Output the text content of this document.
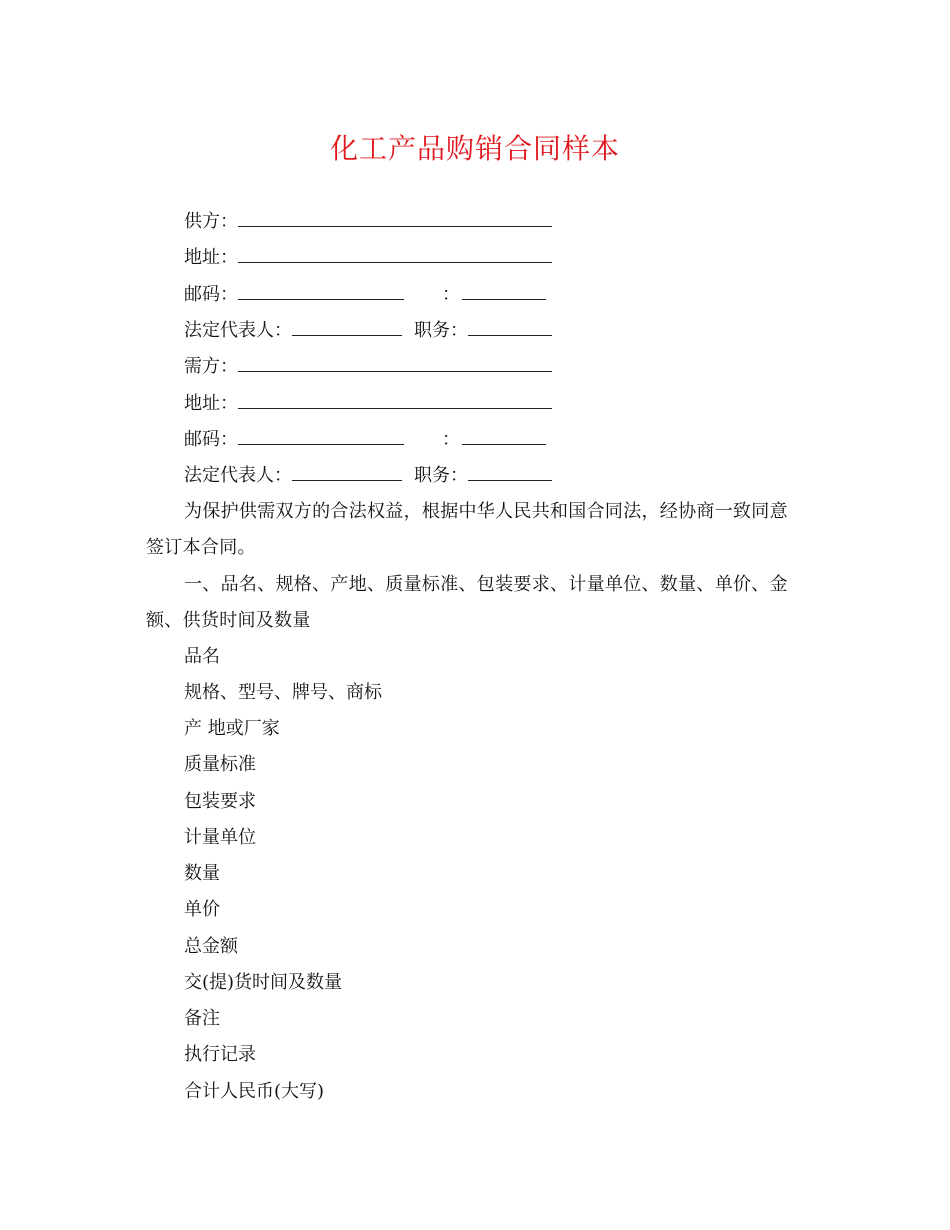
化工产品购销合同样本
供方：
地址：
邮码：	：
法定代表人：	职务：
需方：
地址：
邮码：	：
法定代表人：	职务：

为保护供需双方的合法权益，根据中华人民共和国合同法，经协商一致同意签订本合同。

一、品名、规格、产地、质量标准、包装要求、计量单位、数量、单价、金额、供货时间及数量

品名
规格、型号、牌号、商标
产 地或厂家
质量标准
包装要求
计量单位
数量
单价
总金额
交(提)货时间及数量
备注
执行记录
合计人民币(大写)
